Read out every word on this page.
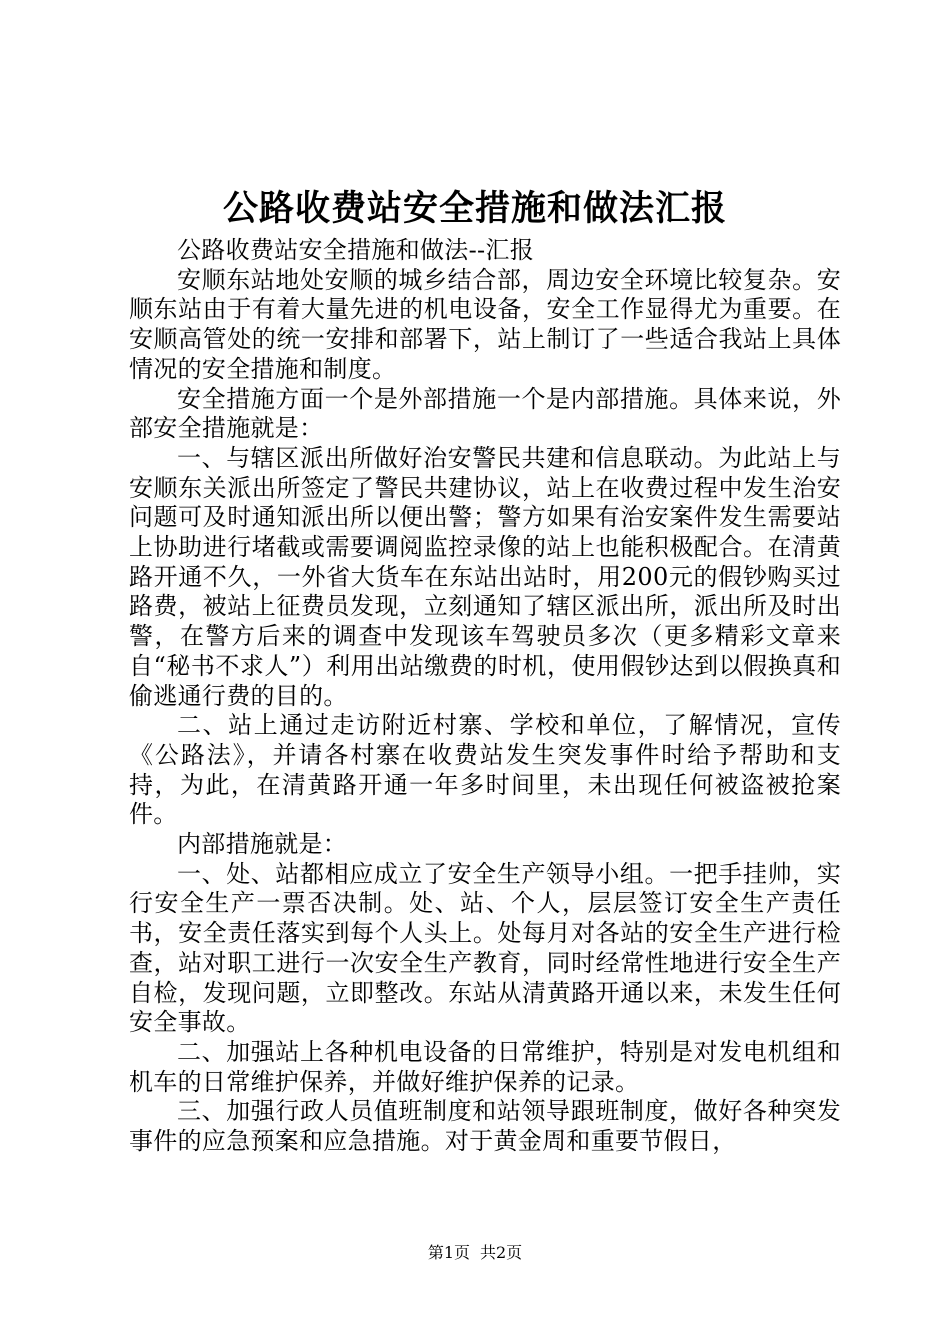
公路收费站安全措施和做法汇报

公路收费站安全措施和做法--汇报

安顺东站地处安顺的城乡结合部，周边安全环境比较复杂。安顺东站由于有着大量先进的机电设备，安全工作显得尤为重要。在安顺高管处的统一安排和部署下，站上制订了一些适合我站上具体情况的安全措施和制度。

安全措施方面一个是外部措施一个是内部措施。具体来说，外部安全措施就是：

一、与辖区派出所做好治安警民共建和信息联动。为此站上与安顺东关派出所签定了警民共建协议，站上在收费过程中发生治安问题可及时通知派出所以便出警；警方如果有治安案件发生需要站上协助进行堵截或需要调阅监控录像的站上也能积极配合。在清黄路开通不久，一外省大货车在东站出站时，用200元的假钞购买过路费，被站上征费员发现，立刻通知了辖区派出所，派出所及时出警，在警方后来的调查中发现该车驾驶员多次（更多精彩文章来自“秘书不求人”）利用出站缴费的时机，使用假钞达到以假换真和偷逃通行费的目的。

二、站上通过走访附近村寨、学校和单位，了解情况，宣传《公路法》，并请各村寨在收费站发生突发事件时给予帮助和支持，为此，在清黄路开通一年多时间里，未出现任何被盗被抢案件。

内部措施就是：

一、处、站都相应成立了安全生产领导小组。一把手挂帅，实行安全生产一票否决制。处、站、个人，层层签订安全生产责任书，安全责任落实到每个人头上。处每月对各站的安全生产进行检查，站对职工进行一次安全生产教育，同时经常性地进行安全生产自检，发现问题，立即整改。东站从清黄路开通以来，未发生任何安全事故。

二、加强站上各种机电设备的日常维护，特别是对发电机组和机车的日常维护保养，并做好维护保养的记录。

三、加强行政人员值班制度和站领导跟班制度，做好各种突发事件的应急预案和应急措施。对于黄金周和重要节假日，

第1页 共2页
